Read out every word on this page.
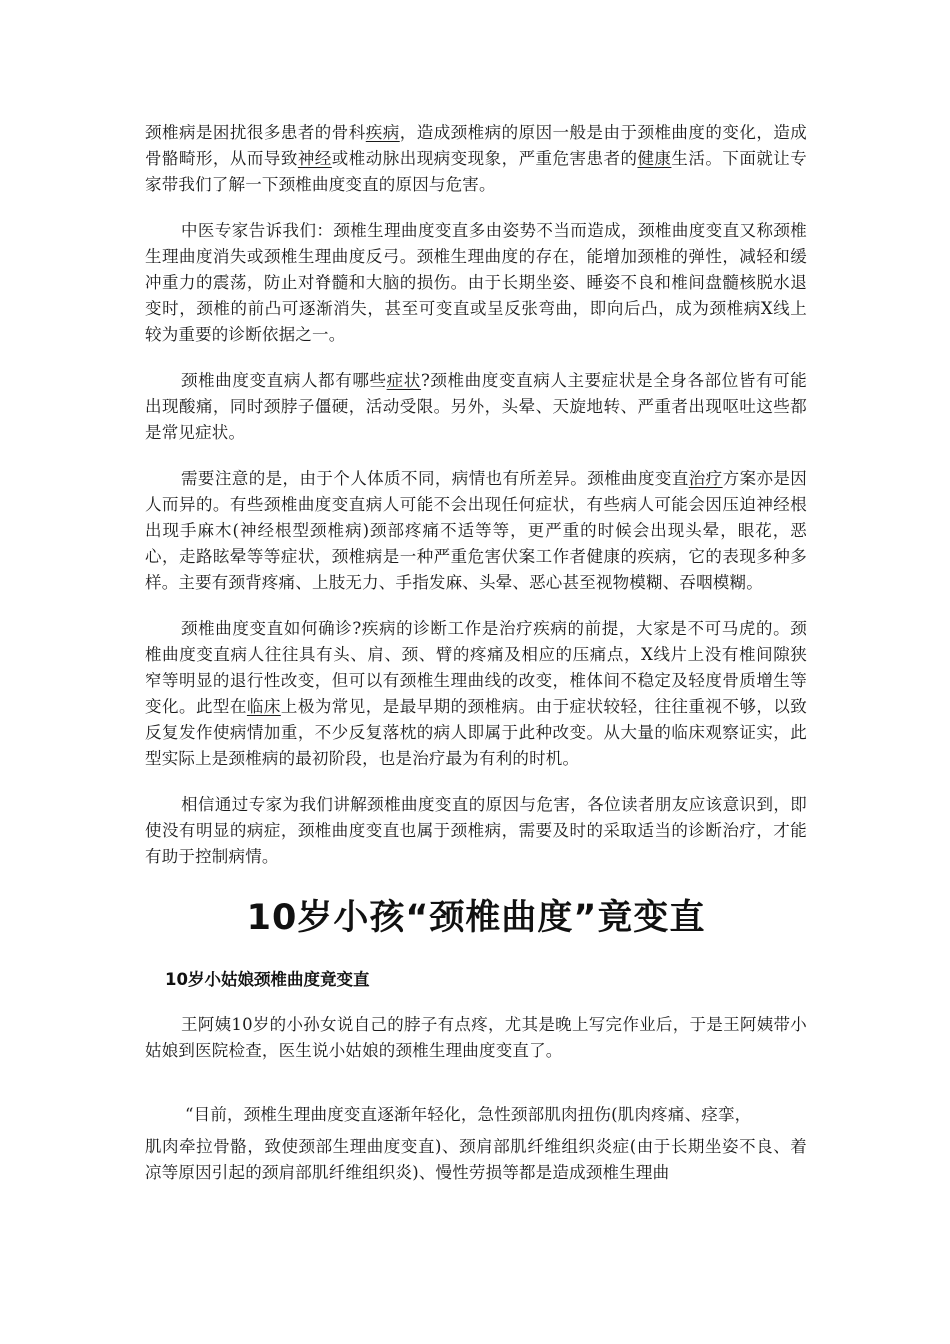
颈椎病是困扰很多患者的骨科疾病，造成颈椎病的原因一般是由于颈椎曲度的变化，造成骨骼畸形，从而导致神经或椎动脉出现病变现象，严重危害患者的健康生活。下面就让专家带我们了解一下颈椎曲度变直的原因与危害。

中医专家告诉我们：颈椎生理曲度变直多由姿势不当而造成，颈椎曲度变直又称颈椎生理曲度消失或颈椎生理曲度反弓。颈椎生理曲度的存在，能增加颈椎的弹性，减轻和缓冲重力的震荡，防止对脊髓和大脑的损伤。由于长期坐姿、睡姿不良和椎间盘髓核脱水退变时，颈椎的前凸可逐渐消失，甚至可变直或呈反张弯曲，即向后凸，成为颈椎病X线上较为重要的诊断依据之一。

颈椎曲度变直病人都有哪些症状?颈椎曲度变直病人主要症状是全身各部位皆有可能出现酸痛，同时颈脖子僵硬，活动受限。另外，头晕、天旋地转、严重者出现呕吐这些都是常见症状。

需要注意的是，由于个人体质不同，病情也有所差异。颈椎曲度变直治疗方案亦是因人而异的。有些颈椎曲度变直病人可能不会出现任何症状，有些病人可能会因压迫神经根出现手麻木(神经根型颈椎病)颈部疼痛不适等等，更严重的时候会出现头晕，眼花，恶心，走路眩晕等等症状，颈椎病是一种严重危害伏案工作者健康的疾病，它的表现多种多样。主要有颈背疼痛、上肢无力、手指发麻、头晕、恶心甚至视物模糊、吞咽模糊。

颈椎曲度变直如何确诊?疾病的诊断工作是治疗疾病的前提，大家是不可马虎的。颈椎曲度变直病人往往具有头、肩、颈、臂的疼痛及相应的压痛点，X线片上没有椎间隙狭窄等明显的退行性改变，但可以有颈椎生理曲线的改变，椎体间不稳定及轻度骨质增生等变化。此型在临床上极为常见，是最早期的颈椎病。由于症状较轻，往往重视不够，以致反复发作使病情加重，不少反复落枕的病人即属于此种改变。从大量的临床观察证实，此型实际上是颈椎病的最初阶段，也是治疗最为有利的时机。

相信通过专家为我们讲解颈椎曲度变直的原因与危害，各位读者朋友应该意识到，即使没有明显的病症，颈椎曲度变直也属于颈椎病，需要及时的采取适当的诊断治疗，才能有助于控制病情。

10岁小孩“颈椎曲度”竟变直
10岁小姑娘颈椎曲度竟变直

王阿姨10岁的小孙女说自己的脖子有点疼，尤其是晚上写完作业后，于是王阿姨带小姑娘到医院检查，医生说小姑娘的颈椎生理曲度变直了。

“目前，颈椎生理曲度变直逐渐年轻化，急性颈部肌肉扭伤(肌肉疼痛、痉挛，

肌肉牵拉骨骼，致使颈部生理曲度变直)、颈肩部肌纤维组织炎症(由于长期坐姿不良、着凉等原因引起的颈肩部肌纤维组织炎)、慢性劳损等都是造成颈椎生理曲
